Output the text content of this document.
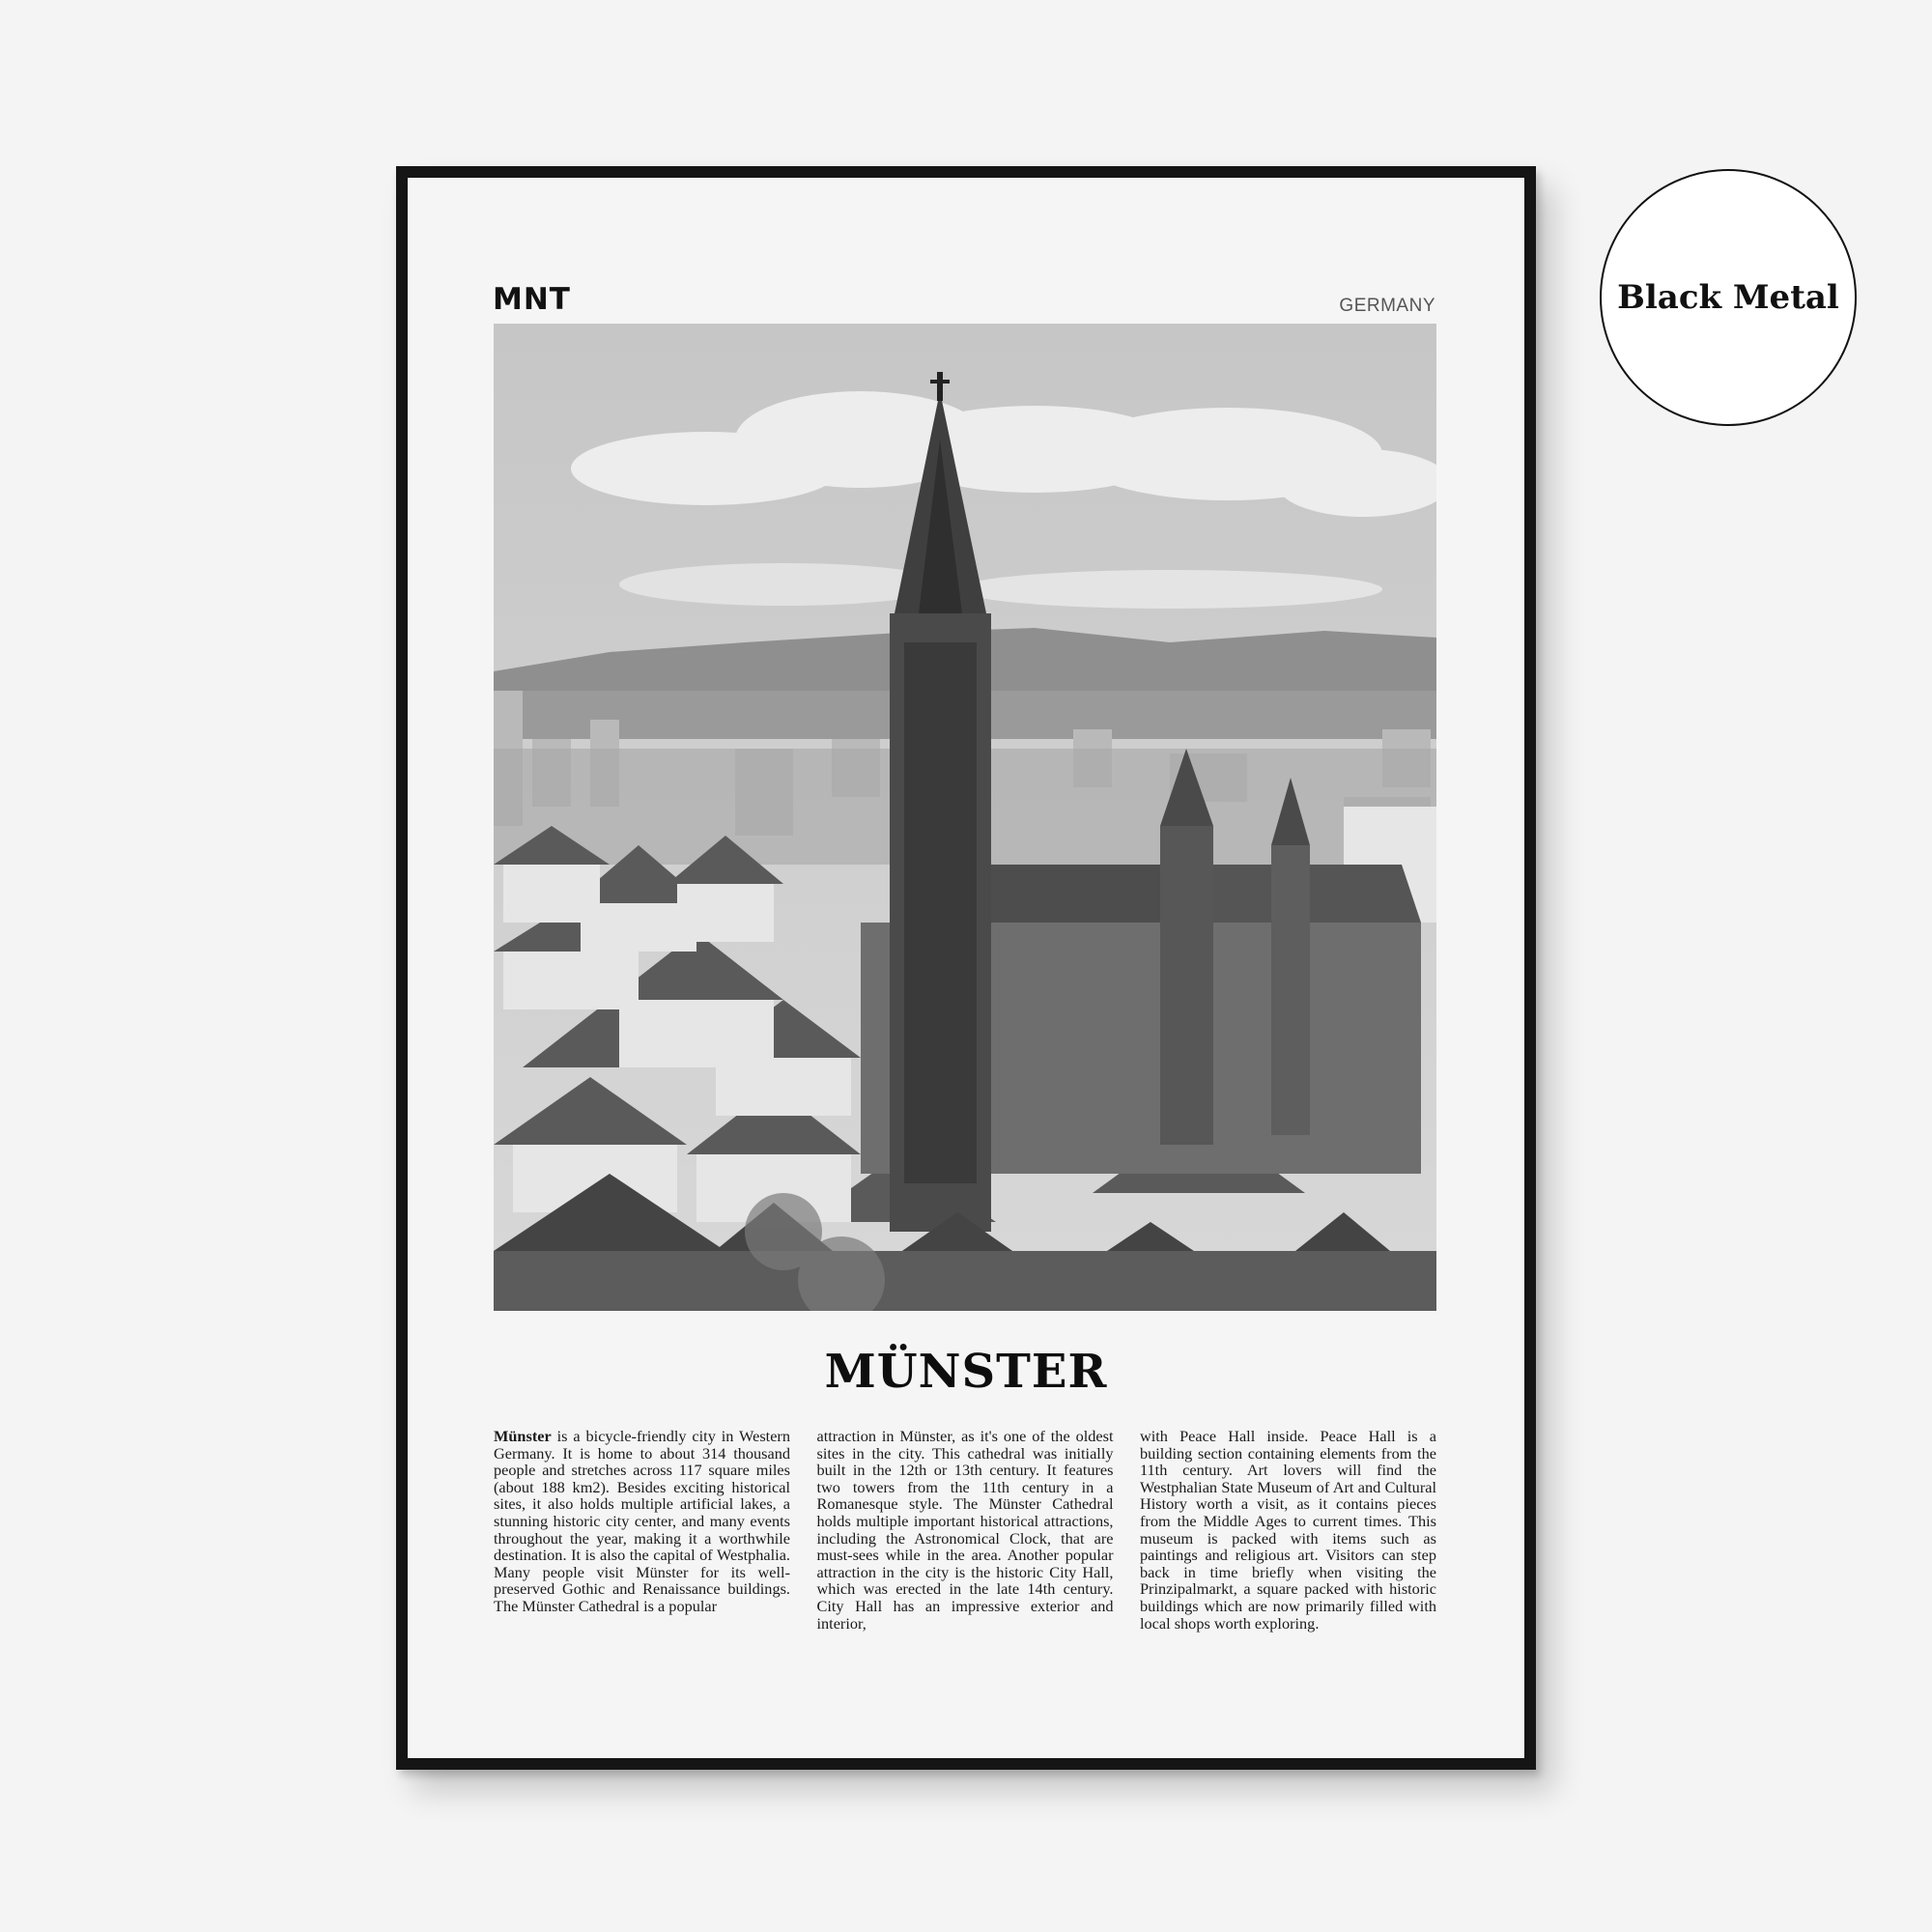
MNT	GERMANY
MÜNSTER
Münster is a bicycle-friendly city in Western Germany. It is home to about 314 thousand people and stretches across 117 square miles (about 188 km2). Besides exciting historical sites, it also holds multiple artificial lakes, a stunning historic city center, and many events throughout the year, making it a worthwhile destination. It is also the capital of Westphalia. Many people visit Münster for its well-preserved Gothic and Renaissance buildings. The Münster Cathedral is a popular
attraction in Münster, as it's one of the oldest sites in the city. This cathedral was initially built in the 12th or 13th century. It features two towers from the 11th century in a Romanesque style. The Münster Cathedral holds multiple important historical attractions, including the Astronomical Clock, that are must-sees while in the area. Another popular attraction in the city is the historic City Hall, which was erected in the late 14th century. City Hall has an impressive exterior and interior,
with Peace Hall inside. Peace Hall is a building section containing elements from the 11th century. Art lovers will find the Westphalian State Museum of Art and Cultural History worth a visit, as it contains pieces from the Middle Ages to current times. This museum is packed with items such as paintings and religious art. Visitors can step back in time briefly when visiting the Prinzipalmarkt, a square packed with historic buildings which are now primarily filled with local shops worth exploring.
Black Metal
